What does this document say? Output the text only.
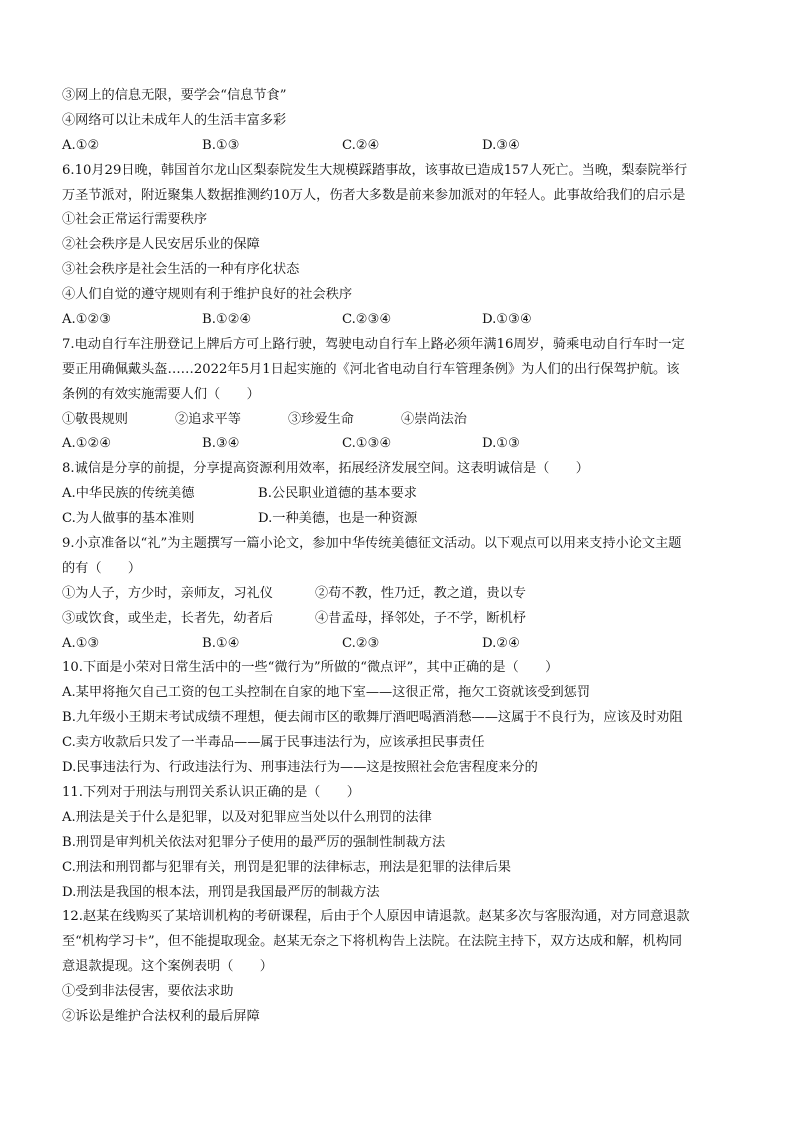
③网上的信息无限，要学会“信息节食”
④网络可以让未成年人的生活丰富多彩
A.①②	B.①③	C.②④	D.③④
6.10月29日晚，韩国首尔龙山区梨泰院发生大规模踩踏事故，该事故已造成157人死亡。当晚，梨泰院举行
万圣节派对，附近聚集人数据推测约10万人，伤者大多数是前来参加派对的年轻人。此事故给我们的启示是
①社会正常运行需要秩序
②社会秩序是人民安居乐业的保障
③社会秩序是社会生活的一种有序化状态
④人们自觉的遵守规则有利于维护良好的社会秩序
A.①②③	B.①②④	C.②③④	D.①③④
7.电动自行车注册登记上牌后方可上路行驶，驾驶电动自行车上路必须年满16周岁，骑乘电动自行车时一定
要正用确佩戴头盔……2022年5月1日起实施的《河北省电动自行车管理条例》为人们的出行保驾护航。该
条例的有效实施需要人们（　　）
①敬畏规则	②追求平等	③珍爱生命	④崇尚法治
A.①②④	B.③④	C.①③④	D.①③
8.诚信是分享的前提，分享提高资源利用效率，拓展经济发展空间。这表明诚信是（　　）
A.中华民族的传统美德	B.公民职业道德的基本要求
C.为人做事的基本准则	D.一种美德，也是一种资源
9.小京准备以“礼”为主题撰写一篇小论文，参加中华传统美德征文活动。以下观点可以用来支持小论文主题
的有（　　）
①为人子，方少时，亲师友，习礼仪	②苟不教，性乃迁，教之道，贵以专
③或饮食，或坐走，长者先，幼者后	④昔孟母，择邻处，子不学，断机杼
A.①③	B.①④	C.②③	D.②④
10.下面是小荣对日常生活中的一些“微行为”所做的“微点评”，其中正确的是（　　）
A.某甲将拖欠自己工资的包工头控制在自家的地下室——这很正常，拖欠工资就该受到惩罚
B.九年级小王期末考试成绩不理想，便去闹市区的歌舞厅酒吧喝酒消愁——这属于不良行为，应该及时劝阻
C.卖方收款后只发了一半毒品——属于民事违法行为，应该承担民事责任
D.民事违法行为、行政违法行为、刑事违法行为——这是按照社会危害程度来分的
11.下列对于刑法与刑罚关系认识正确的是（　　）
A.刑法是关于什么是犯罪，以及对犯罪应当处以什么刑罚的法律
B.刑罚是审判机关依法对犯罪分子使用的最严厉的强制性制裁方法
C.刑法和刑罚都与犯罪有关，刑罚是犯罪的法律标志，刑法是犯罪的法律后果
D.刑法是我国的根本法，刑罚是我国最严厉的制裁方法
12.赵某在线购买了某培训机构的考研课程，后由于个人原因申请退款。赵某多次与客服沟通，对方同意退款
至“机构学习卡”，但不能提取现金。赵某无奈之下将机构告上法院。在法院主持下，双方达成和解，机构同
意退款提现。这个案例表明（　　）
①受到非法侵害，要依法求助
②诉讼是维护合法权利的最后屏障
